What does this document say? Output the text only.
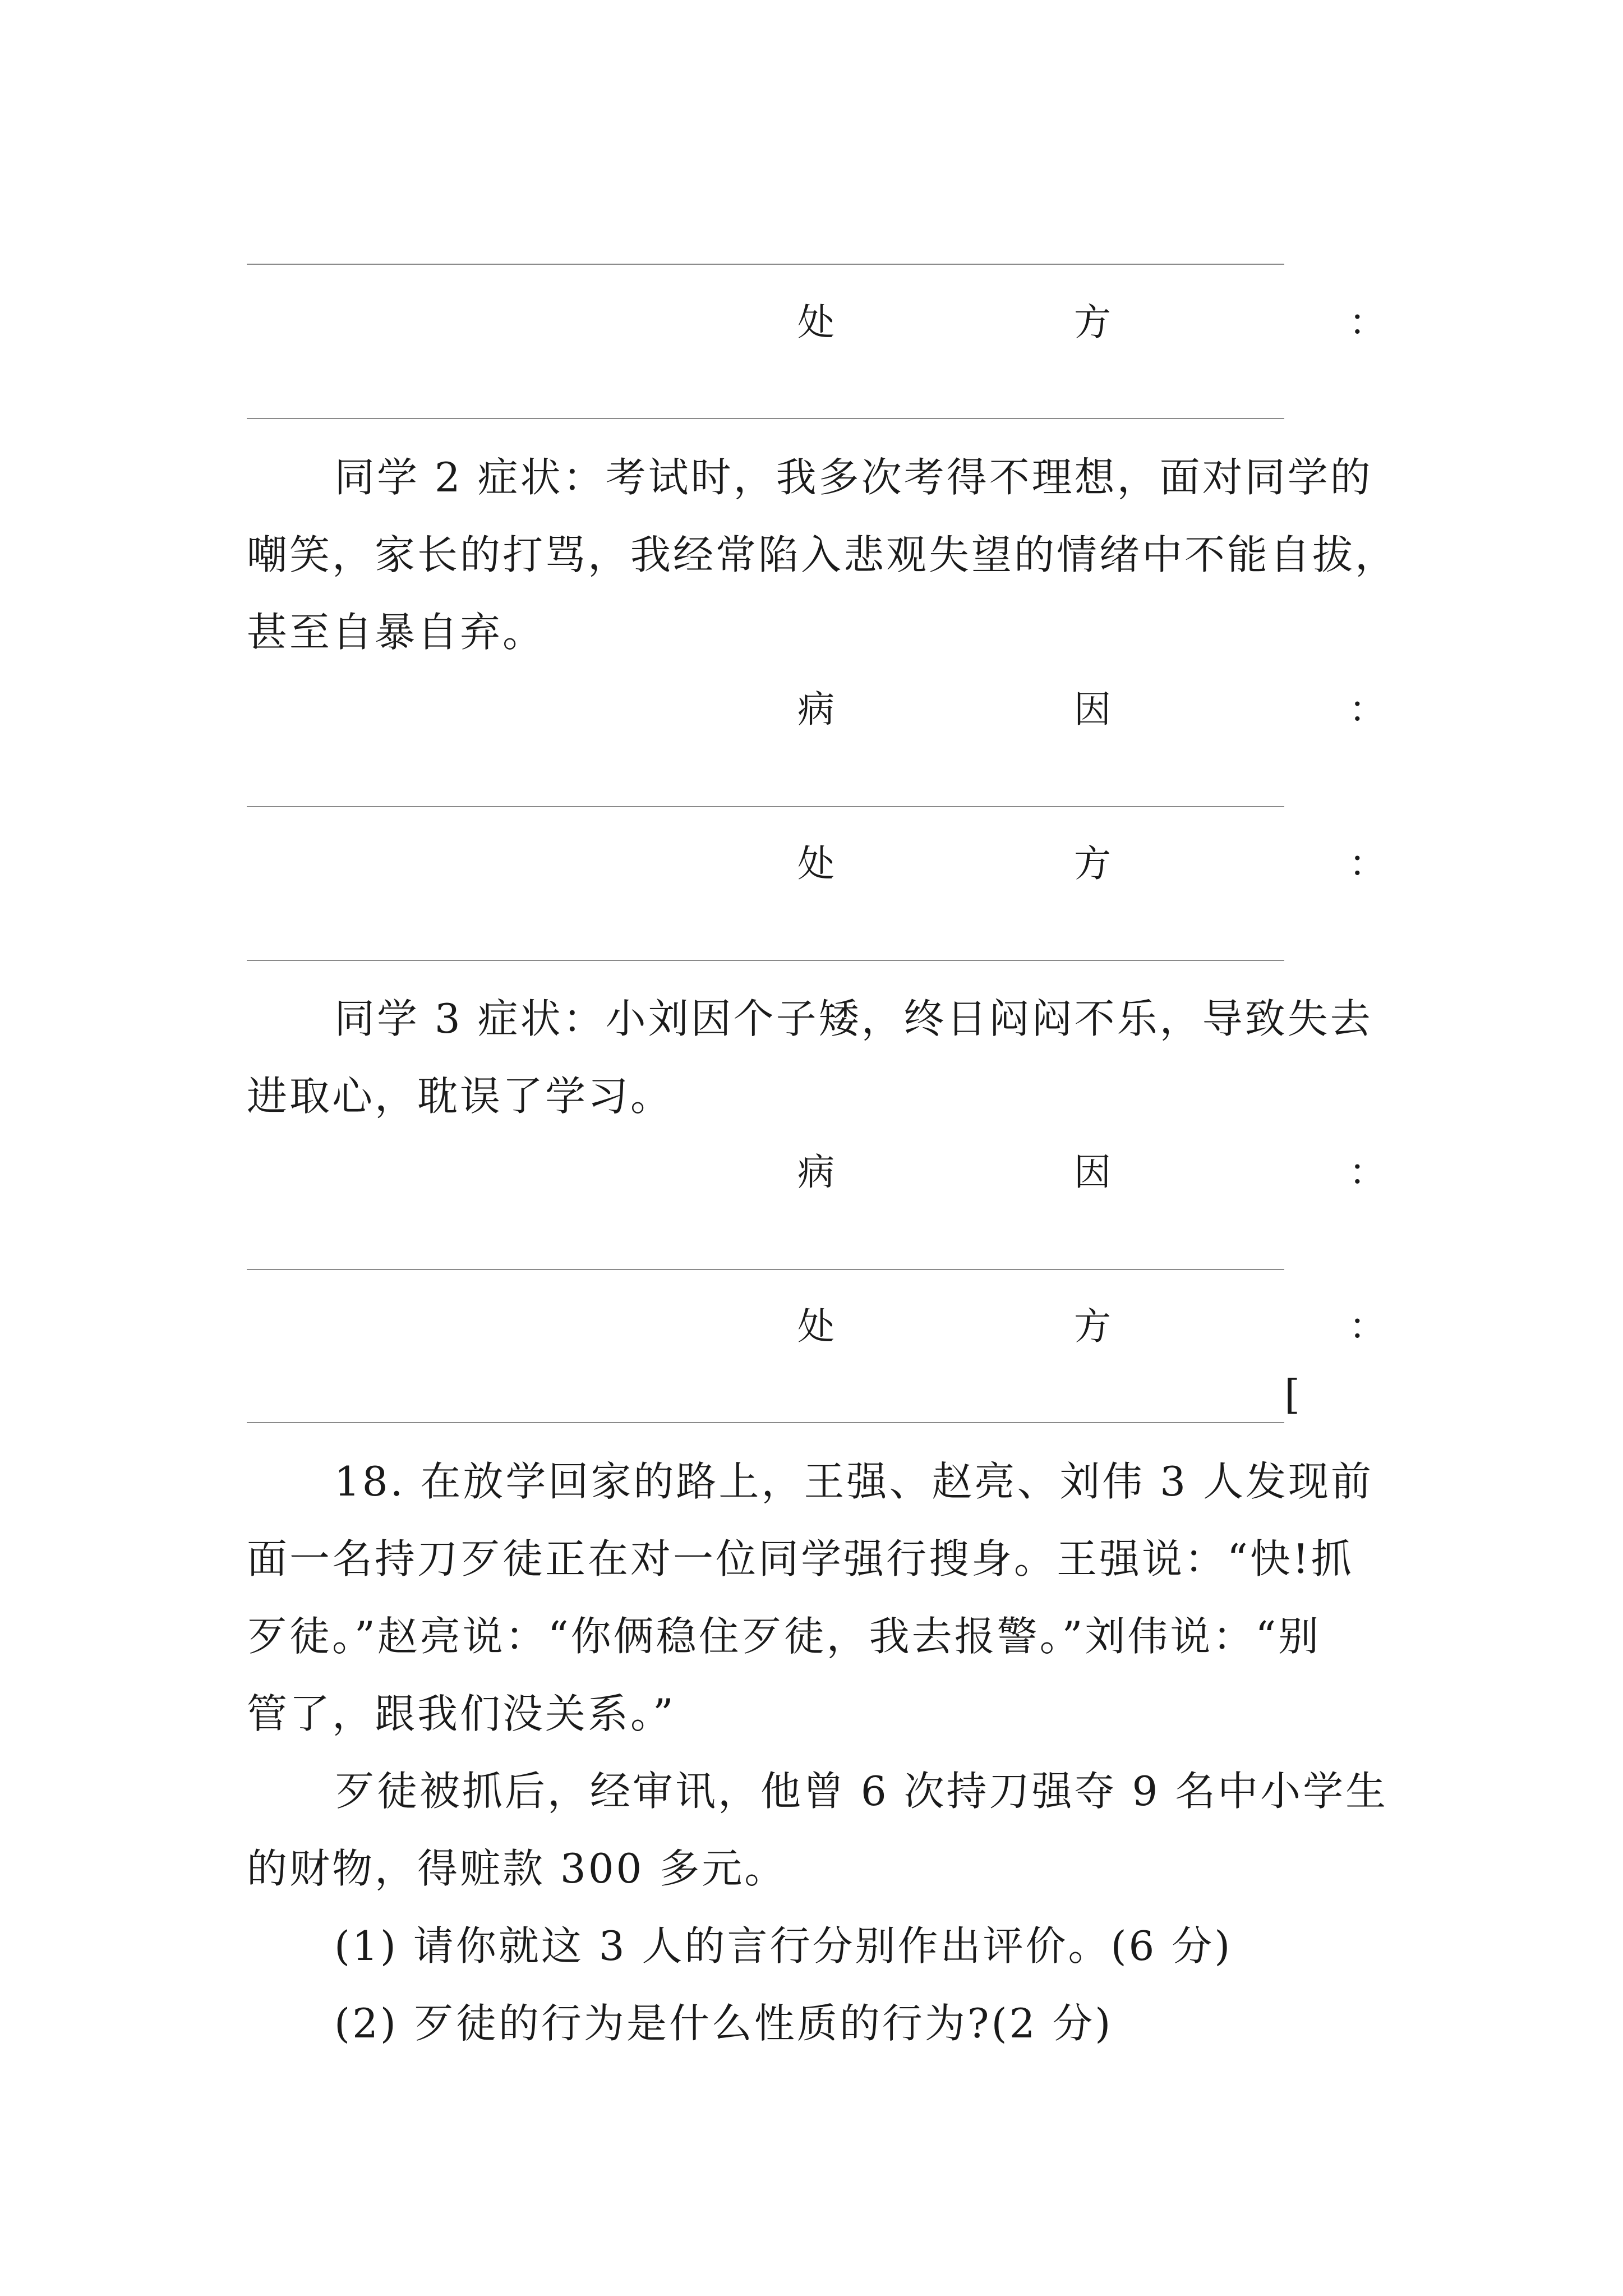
处	方	：
同学 2 症状：考试时，我多次考得不理想，面对同学的
嘲笑，家长的打骂，我经常陷入悲观失望的情绪中不能自拔，
甚至自暴自弃。
病	因	：
处	方	：
同学 3 症状：小刘因个子矮，终日闷闷不乐，导致失去
进取心，耽误了学习。
病	因	：
处	方	：
[
18. 在放学回家的路上，王强、赵亮、刘伟 3 人发现前
面一名持刀歹徒正在对一位同学强行搜身。王强说：“快!抓
歹徒。”赵亮说：“你俩稳住歹徒，我去报警。”刘伟说：“别
管了，跟我们没关系。”
歹徒被抓后，经审讯，他曾 6 次持刀强夺 9 名中小学生
的财物，得赃款 300 多元。
(1) 请你就这 3 人的言行分别作出评价。(6 分)
(2) 歹徒的行为是什么性质的行为?(2 分)
